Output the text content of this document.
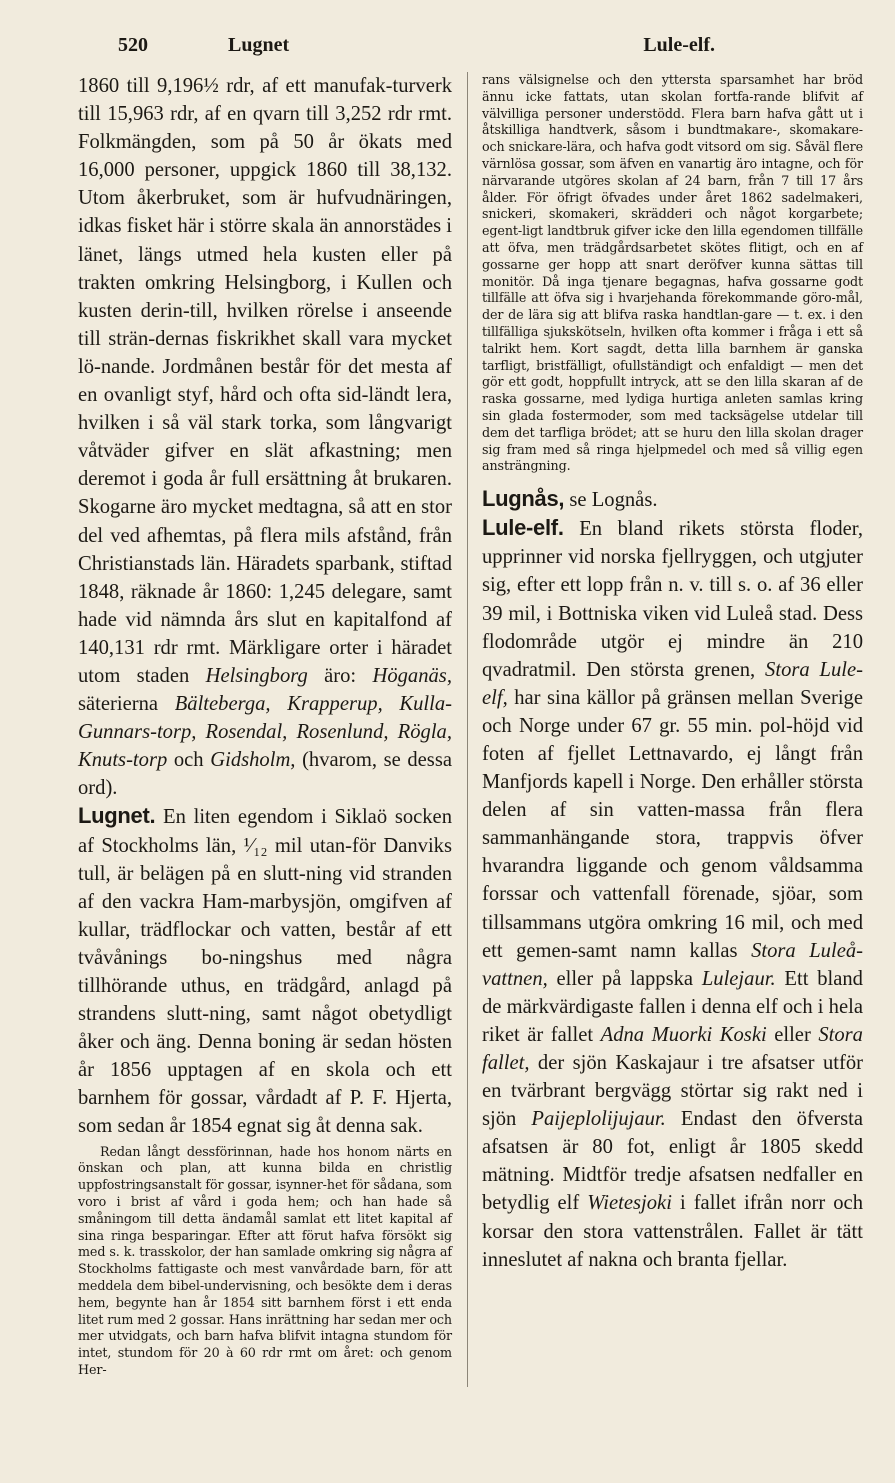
520	Lugnet	Lule-elf.

1860 till 9,196½ rdr, af ett manufak-turverk till 15,963 rdr, af en qvarn till 3,252 rdr rmt. Folkmängden, som på 50 år ökats med 16,000 personer, uppgick 1860 till 38,132. Utom åkerbruket, som är hufvudnäringen, idkas fisket här i större skala än annorstädes i länet, längs utmed hela kusten eller på trakten omkring Helsingborg, i Kullen och kusten derin-till, hvilken rörelse i anseende till strän-dernas fiskrikhet skall vara mycket lö-nande. Jordmånen består för det mesta af en ovanligt styf, hård och ofta sid-ländt lera, hvilken i så väl stark torka, som långvarigt våtväder gifver en slät afkastning; men deremot i goda år full ersättning åt brukaren. Skogarne äro mycket medtagna, så att en stor del ved afhemtas, på flera mils afstånd, från Christianstads län. Häradets sparbank, stiftad 1848, räknade år 1860: 1,245 delegare, samt hade vid nämnda års slut en kapitalfond af 140,131 rdr rmt. Märkligare orter i häradet utom staden Helsingborg äro: Höganäs, säterierna Bälteberga, Krapperup, Kulla-Gunnars-torp, Rosendal, Rosenlund, Rögla, Knuts-torp och Gidsholm, (hvarom, se dessa ord).

Lugnet. En liten egendom i Siklaö socken af Stockholms län, ¹⁄₁₂ mil utan-för Danviks tull, är belägen på en slutt-ning vid stranden af den vackra Ham-marbysjön, omgifven af kullar, trädflockar och vatten, består af ett tvåvånings bo-ningshus med några tillhörande uthus, en trädgård, anlagd på strandens slutt-ning, samt något obetydligt åker och äng. Denna boning är sedan hösten år 1856 upptagen af en skola och ett barnhem för gossar, vårdadt af P. F. Hjerta, som sedan år 1854 egnat sig åt denna sak.

Redan långt dessförinnan, hade hos honom närts en önskan och plan, att kunna bilda en christlig uppfostringsanstalt för gossar, isynner-het för sådana, som voro i brist af vård i goda hem; och han hade så småningom till detta ändamål samlat ett litet kapital af sina ringa besparingar. Efter att förut hafva försökt sig med s. k. trasskolor, der han samlade omkring sig några af Stockholms fattigaste och mest vanvårdade barn, för att meddela dem bibel-undervisning, och besökte dem i deras hem, begynte han år 1854 sitt barnhem först i ett enda litet rum med 2 gossar. Hans inrättning har sedan mer och mer utvidgats, och barn hafva blifvit intagna stundom för intet, stundom för 20 à 60 rdr rmt om året: och genom Her-

rans välsignelse och den yttersta sparsamhet har bröd ännu icke fattats, utan skolan fortfa-rande blifvit af välvilliga personer understödd. Flera barn hafva gått ut i åtskilliga handtverk, såsom i bundtmakare-, skomakare- och snickare-lära, och hafva godt vitsord om sig. Såväl flere värnlösa gossar, som äfven en vanartig äro intagne, och för närvarande utgöres skolan af 24 barn, från 7 till 17 års ålder. För öfrigt öfvades under året 1862 sadelmakeri, snickeri, skomakeri, skrädderi och något korgarbete; egent-ligt landtbruk gifver icke den lilla egendomen tillfälle att öfva, men trädgårdsarbetet skötes flitigt, och en af gossarne ger hopp att snart deröfver kunna sättas till monitör. Då inga tjenare begagnas, hafva gossarne godt tillfälle att öfva sig i hvarjehanda förekommande göro-mål, der de lära sig att blifva raska handtlan-gare — t. ex. i den tillfälliga sjukskötseln, hvilken ofta kommer i fråga i ett så talrikt hem. Kort sagdt, detta lilla barnhem är ganska tarfligt, bristfälligt, ofullständigt och enfaldigt — men det gör ett godt, hoppfullt intryck, att se den lilla skaran af de raska gossarne, med lydiga hurtiga anleten samlas kring sin glada fostermoder, som med tacksägelse utdelar till dem det tarfliga brödet; att se huru den lilla skolan drager sig fram med så ringa hjelpmedel och med så villig egen ansträngning.

Lugnås, se Lognås.

Lule-elf. En bland rikets största floder, upprinner vid norska fjellryggen, och utgjuter sig, efter ett lopp från n. v. till s. o. af 36 eller 39 mil, i Bottniska viken vid Luleå stad. Dess flodområde utgör ej mindre än 210 qvadratmil. Den största grenen, Stora Lule-elf, har sina källor på gränsen mellan Sverige och Norge under 67 gr. 55 min. pol-höjd vid foten af fjellet Lettnavardo, ej långt från Manfjords kapell i Norge. Den erhåller största delen af sin vatten-massa från flera sammanhängande stora, trappvis öfver hvarandra liggande och genom våldsamma forssar och vattenfall förenade, sjöar, som tillsammans utgöra omkring 16 mil, och med ett gemen-samt namn kallas Stora Luleå-vattnen, eller på lappska Lulejaur. Ett bland de märkvärdigaste fallen i denna elf och i hela riket är fallet Adna Muorki Koski eller Stora fallet, der sjön Kaskajaur i tre afsatser utför en tvärbrant bergvägg störtar sig rakt ned i sjön Paijeplolijujaur. Endast den öfversta afsatsen är 80 fot, enligt år 1805 skedd mätning. Midtför tredje afsatsen nedfaller en betydlig elf Wietesjoki i fallet ifrån norr och korsar den stora vattenstrålen. Fallet är tätt inneslutet af nakna och branta fjellar.
